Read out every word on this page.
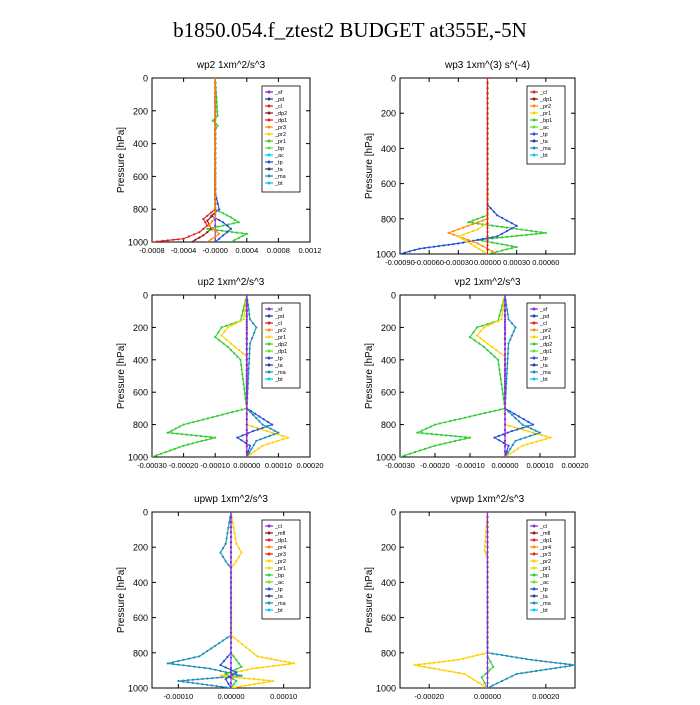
b1850.054.f_ztest2 BUDGET at355E,-5N
wp2 1xm^2/s^3
Pressure [hPa]
0
200
400
600
800
1000
-0.0008 -0.0004 -0.0000 0.0004 0.0008 0.0012
_sf
_pd
_cl
_dp2
_dp1
_pr3
_pr2
_pr1
_bp
_ac
_tp
_ta
_ma
_bt
wp3 1xm^(3) s^(-4)
Pressure [hPa]
0
200
400
600
800
1000
-0.00090 -0.00060 -0.00030 0.00000 0.00030 0.00060
_cl
_dp1
_pr2
_pr1
_bp1
_ac
_tp
_ta
_ma
_bt
up2 1xm^2/s^3
Pressure [hPa]
0
200
400
600
800
1000
-0.00030 -0.00020 -0.00010 0.00000 0.00010 0.00020
_sf
_pd
_cl
_pr2
_pr1
_dp2
_dp1
_tp
_ta
_ma
_bt
vp2 1xm^2/s^3
Pressure [hPa]
0
200
400
600
800
1000
-0.00030 -0.00020 -0.00010 0.00000 0.00010 0.00020
_sf
_pd
_cl
_pr2
_pr1
_dp2
_dp1
_tp
_ta
_ma
_bt
upwp 1xm^2/s^3
Pressure [hPa]
0
200
400
600
800
1000
-0.00010	0.00000	0.00010
_cl
_mfl
_dp1
_pr4
_pr3
_pr2
_pr1
_bp
_ac
_tp
_ta
_ma
_bt
vpwp 1xm^2/s^3
Pressure [hPa]
0
200
400
600
800
1000
-0.00020	0.00000	0.00020
_cl
_mfl
_dp1
_pr4
_pr3
_pr2
_pr1
_bp
_ac
_tp
_ta
_ma
_bt
